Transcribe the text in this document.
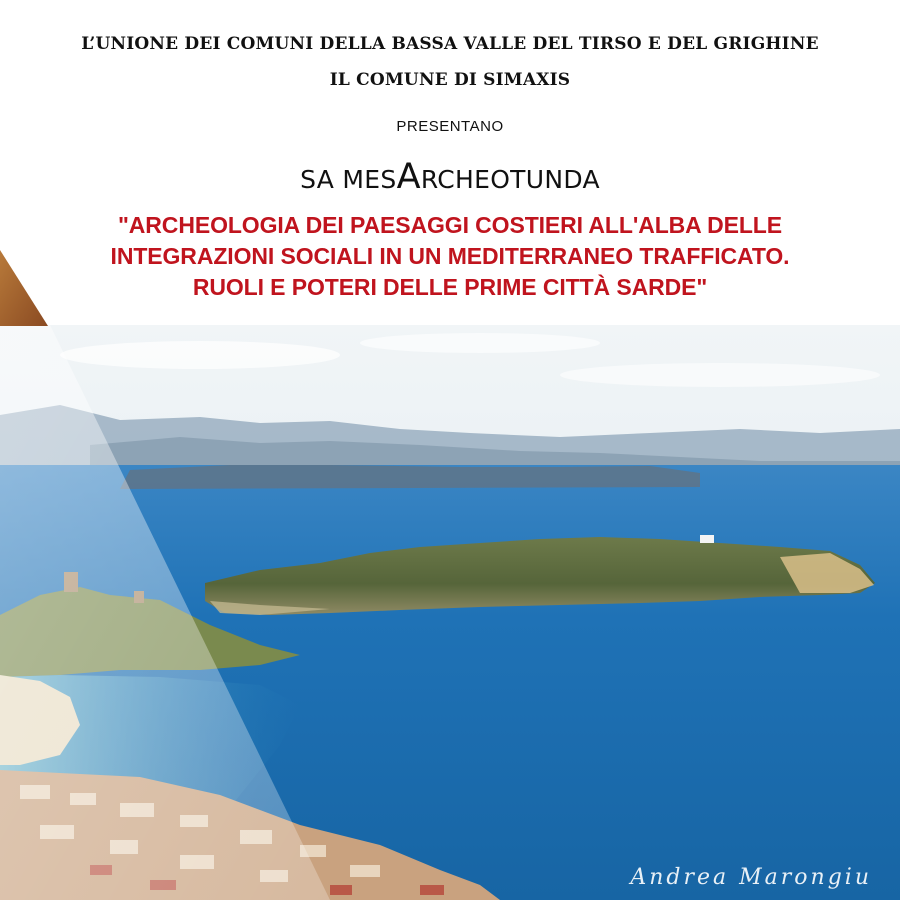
L’UNIONE DEI COMUNI DELLA BASSA VALLE DEL TIRSO E DEL GRIGHINE
IL COMUNE DI SIMAXIS
PRESENTANO
SA MESARCHEOTUNDA
"ARCHEOLOGIA DEI PAESAGGI COSTIERI ALL'ALBA DELLE
INTEGRAZIONI SOCIALI IN UN MEDITERRANEO TRAFFICATO.
RUOLI E POTERI DELLE PRIME CITTÀ SARDE"
Andrea Marongiu
